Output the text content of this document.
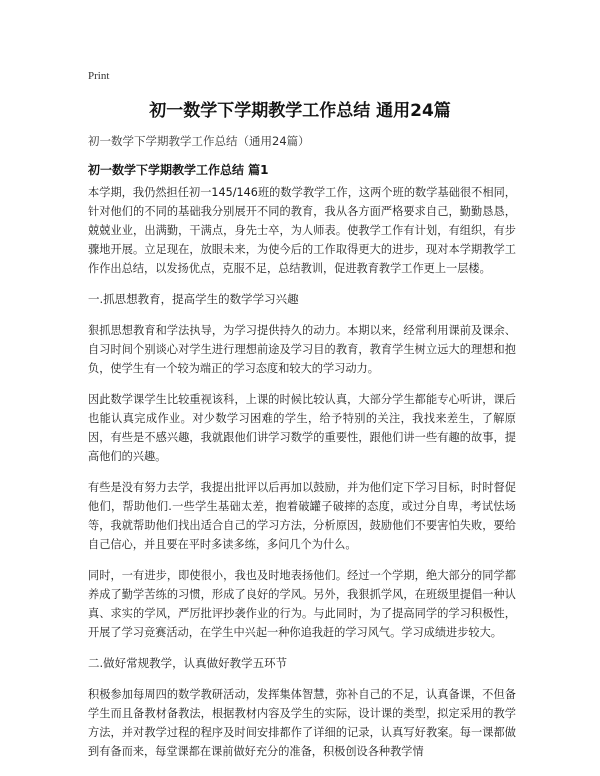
Print
初一数学下学期教学工作总结 通用24篇
初一数学下学期教学工作总结（通用24篇）
初一数学下学期教学工作总结 篇1

本学期，我仍然担任初一145/146班的数学教学工作，这两个班的数学基础很不相同，针对他们的不同的基础我分别展开不同的教育，我从各方面严格要求自己，勤勤恳恳，兢兢业业，出满勤，干满点，身先士卒，为人师表。使教学工作有计划，有组织，有步骤地开展。立足现在，放眼未来，为使今后的工作取得更大的进步，现对本学期教学工作作出总结，以发扬优点，克服不足，总结教训，促进教育教学工作更上一层楼。

一.抓思想教育，提高学生的数学学习兴趣

狠抓思想教育和学法执导，为学习提供持久的动力。本期以来，经常利用课前及课余、自习时间个别谈心对学生进行理想前途及学习目的教育，教育学生树立远大的理想和抱负，使学生有一个较为端正的学习态度和较大的学习动力。

因此数学课学生比较重视该科，上课的时候比较认真，大部分学生都能专心听讲，课后也能认真完成作业。对少数学习困难的学生，给予特别的关注，我找来差生，了解原因，有些是不感兴趣，我就跟他们讲学习数学的重要性，跟他们讲一些有趣的故事，提高他们的兴趣。

有些是没有努力去学，我提出批评以后再加以鼓励，并为他们定下学习目标，时时督促他们，帮助他们.一些学生基础太差，抱着破罐子破摔的态度，或过分自卑，考试怯场等，我就帮助他们找出适合自己的学习方法，分析原因，鼓励他们不要害怕失败，要给自己信心，并且要在平时多读多练，多问几个为什么。

同时，一有进步，即使很小，我也及时地表扬他们。经过一个学期，绝大部分的同学都养成了勤学苦练的习惯，形成了良好的学风。另外，我狠抓学风，在班级里提倡一种认真、求实的学风，严厉批评抄袭作业的行为。与此同时，为了提高同学的学习积极性，开展了学习竞赛活动，在学生中兴起一种你追我赶的学习风气。学习成绩进步较大。

二.做好常规教学，认真做好教学五环节

积极参加每周四的数学教研活动，发挥集体智慧，弥补自己的不足，认真备课，不但备学生而且备教材备教法，根据教材内容及学生的实际，设计课的类型，拟定采用的教学方法，并对教学过程的程序及时间安排都作了详细的记录，认真写好教案。每一课都做到有备而来，每堂课都在课前做好充分的准备，积极创设各种教学情
